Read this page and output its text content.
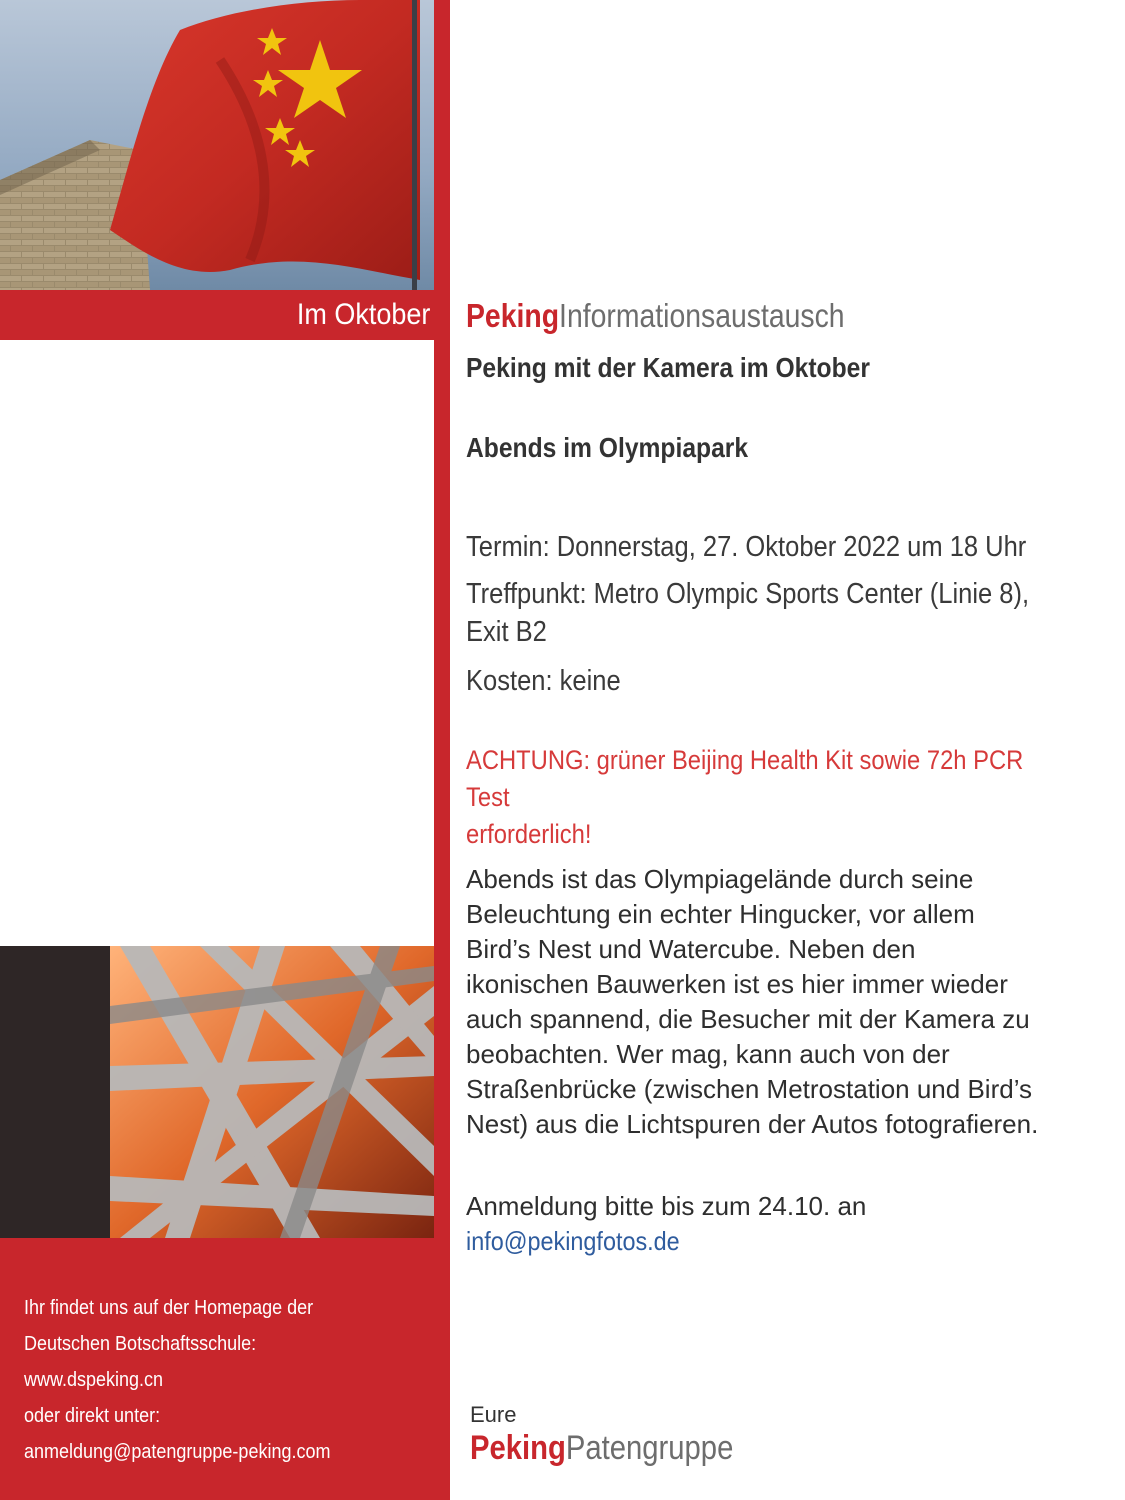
Im Oktober
Ihr findet uns auf der Homepage der
Deutschen Botschaftsschule:
www.dspeking.cn
oder direkt unter:
anmeldung@patengruppe-peking.com
PekingInformationsaustausch
Peking mit der Kamera im Oktober
Abends im Olympiapark
Termin: Donnerstag, 27. Oktober 2022 um 18 Uhr
Treffpunkt: Metro Olympic Sports Center (Linie 8),
Exit B2
Kosten: keine
ACHTUNG: grüner Beijing Health Kit sowie 72h PCR Test
erforderlich!
Abends ist das Olympiagelände durch seine
Beleuchtung ein echter Hingucker, vor allem
Bird’s Nest und Watercube. Neben den
ikonischen Bauwerken ist es hier immer wieder
auch spannend, die Besucher mit der Kamera zu
beobachten. Wer mag, kann auch von der
Straßenbrücke (zwischen Metrostation und Bird’s
Nest) aus die Lichtspuren der Autos fotografieren.
Anmeldung bitte bis zum 24.10. an
info@pekingfotos.de
Eure
PekingPatengruppe
